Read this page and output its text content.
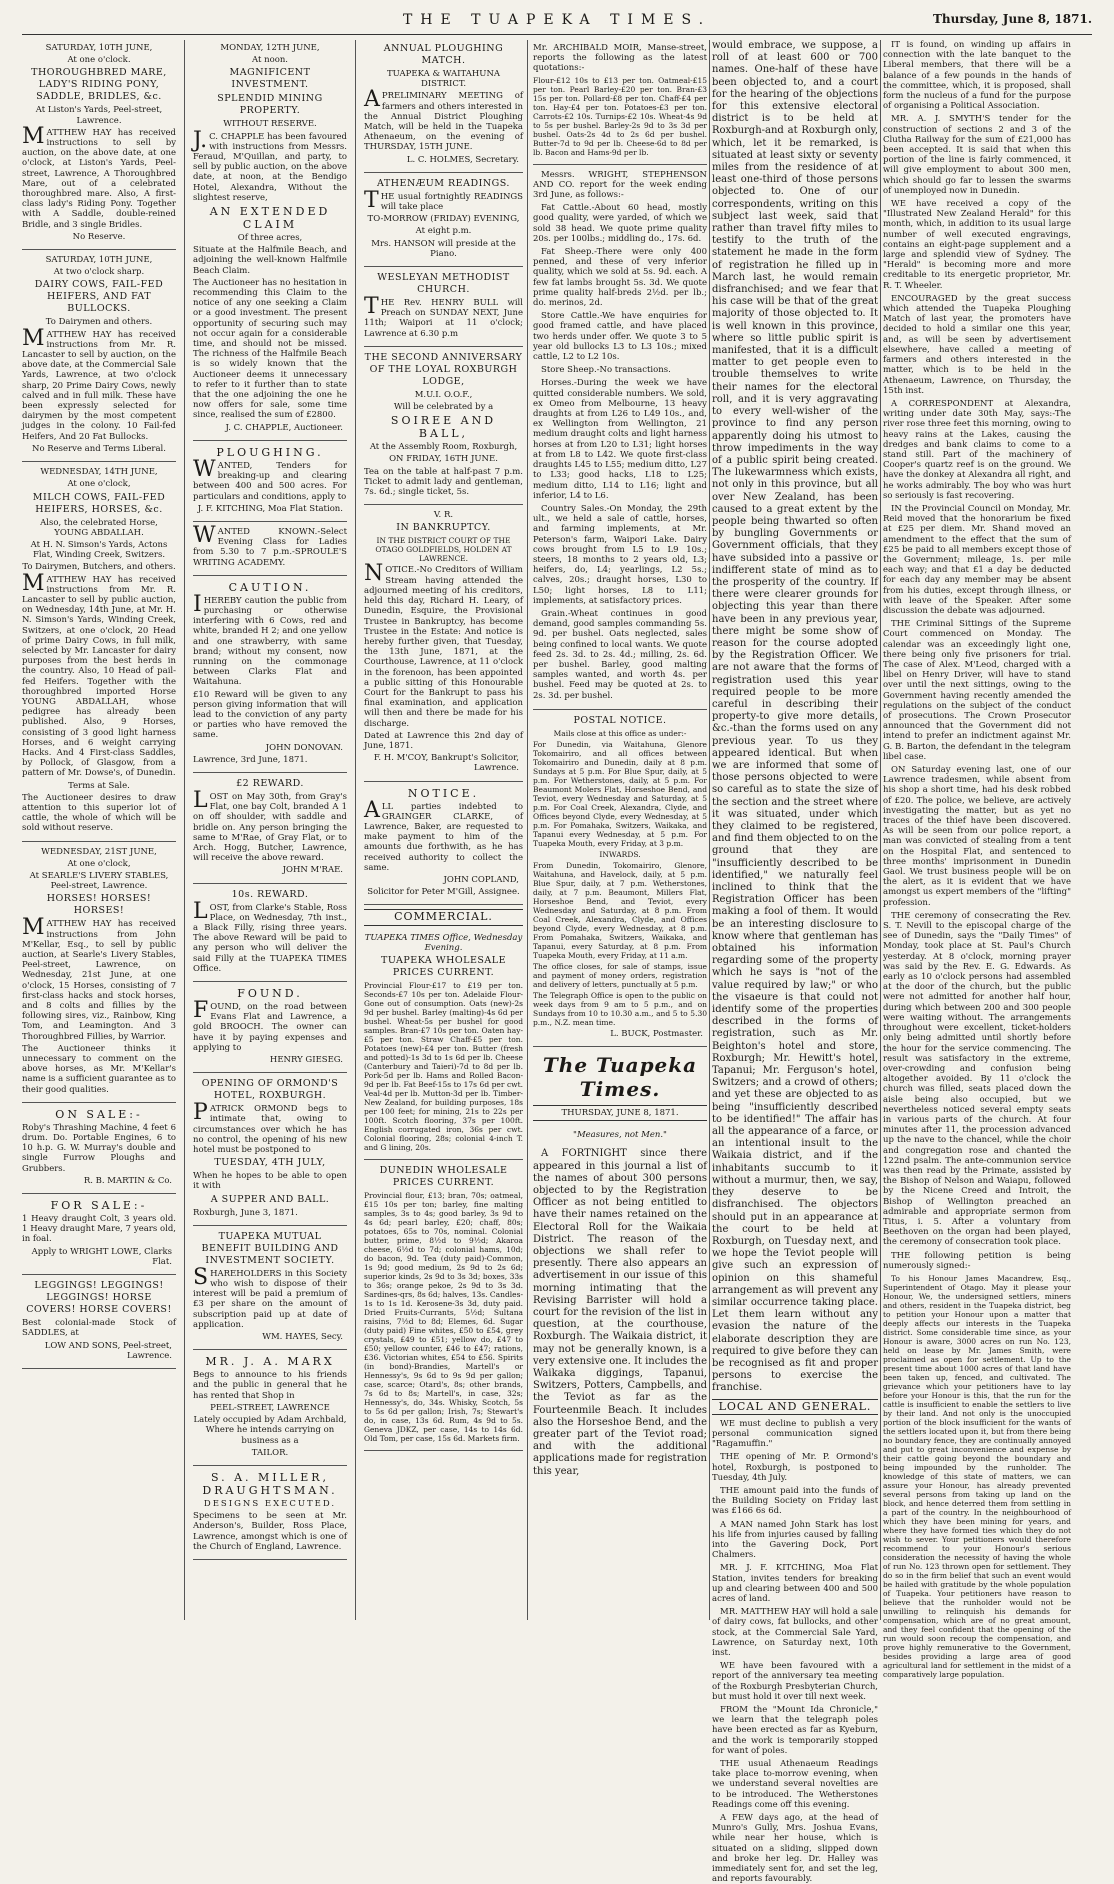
THE TUAPEKA TIMES.	Thursday, June 8, 1871.

SATURDAY, 10TH JUNE,

At one o'clock.

THOROUGHBRED MARE, LADY'S RIDING PONY, SADDLE, BRIDLES, &c.

At Liston's Yards, Peel-street, Lawrence.

MATTHEW HAY has received instructions to sell by auction, on the above date, at one o'clock, at Liston's Yards, Peel-street, Lawrence, A Thoroughbred Mare, out of a celebrated thoroughbred mare. Also, A first-class lady's Riding Pony. Together with A Saddle, double-reined Bridle, and 3 single Bridles.

No Reserve.

SATURDAY, 10TH JUNE,

At two o'clock sharp.

DAIRY COWS, FAIL-FED HEIFERS, AND FAT BULLOCKS.

To Dairymen and others.

MATTHEW HAY has received instructions from Mr. R. Lancaster to sell by auction, on the above date, at the Commercial Sale Yards, Lawrence, at two o'clock sharp, 20 Prime Dairy Cows, newly calved and in full milk. These have been expressly selected for dairymen by the most competent judges in the colony. 10 Fail-fed Heifers, And 20 Fat Bullocks.

No Reserve and Terms Liberal.

WEDNESDAY, 14TH JUNE,

At one o'clock,

MILCH COWS, FAIL-FED HEIFERS, HORSES, &c.

Also, the celebrated Horse, YOUNG ABDALLAH.

At H. N. Simson's Yards, Actons Flat, Winding Creek, Switzers.

To Dairymen, Butchers, and others.

MATTHEW HAY has received instructions from Mr. R. Lancaster to sell by public auction, on Wednesday, 14th June, at Mr. H. N. Simson's Yards, Winding Creek, Switzers, at one o'clock, 20 Head of prime Dairy Cows, in full milk, selected by Mr. Lancaster for dairy purposes from the best herds in the country. Also, 10 Head of pail-fed Heifers. Together with the thoroughbred imported Horse YOUNG ABDALLAH, whose pedigree has already been published. Also, 9 Horses, consisting of 3 good light harness Horses, and 6 weight carrying Hacks. And 4 First-class Saddles, by Pollock, of Glasgow, from a pattern of Mr. Dowse's, of Dunedin.

Terms at Sale.

The Auctioneer desires to draw attention to this superior lot of cattle, the whole of which will be sold without reserve.

WEDNESDAY, 21ST JUNE,

At one o'clock,

At SEARLE'S LIVERY STABLES, Peel-street, Lawrence.

HORSES! HORSES! HORSES!

MATTHEW HAY has received instructions from John M'Kellar, Esq., to sell by public auction, at Searle's Livery Stables, Peel-street, Lawrence, on Wednesday, 21st June, at one o'clock, 15 Horses, consisting of 7 first-class hacks and stock horses, and 8 colts and fillies by the following sires, viz., Rainbow, King Tom, and Leamington. And 3 Thoroughbred Fillies, by Warrior.

The Auctioneer thinks it unnecessary to comment on the above horses, as Mr. M'Kellar's name is a sufficient guarantee as to their good qualities.

ON SALE:-

Roby's Thrashing Machine, 4 feet 6 drum. Do. Portable Engines, 6 to 10 h.p. G. W. Murray's double and single Furrow Ploughs and Grubbers.

R. B. MARTIN & Co.

FOR SALE:-

1 Heavy draught Colt, 3 years old. 1 Heavy draught Mare, 7 years old, in foal.

Apply to WRIGHT LOWE, Clarks Flat.

LEGGINGS! LEGGINGS! LEGGINGS! HORSE COVERS! HORSE COVERS!

Best colonial-made Stock of SADDLES, at

LOW AND SONS, Peel-street, Lawrence.

MONDAY, 12TH JUNE,

At noon.

MAGNIFICENT INVESTMENT.

SPLENDID MINING PROPERTY.

WITHOUT RESERVE.

J.C. CHAPPLE has been favoured with instructions from Messrs. Feraud, M'Quillan, and party, to sell by public auction, on the above date, at noon, at the Bendigo Hotel, Alexandra, Without the slightest reserve,

AN EXTENDED CLAIM

Of three acres,

Situate at the Halfmile Beach, and adjoining the well-known Halfmile Beach Claim.

The Auctioneer has no hesitation in recommending this Claim to the notice of any one seeking a Claim or a good investment. The present opportunity of securing such may not occur again for a considerable time, and should not be missed. The richness of the Halfmile Beach is so widely known that the Auctioneer deems it unnecessary to refer to it further than to state that the one adjoining the one he now offers for sale, some time since, realised the sum of £2800.

J. C. CHAPPLE, Auctioneer.

PLOUGHING.

WANTED, Tenders for breaking-up and clearing between 400 and 500 acres. For particulars and conditions, apply to

J. F. KITCHING, Moa Flat Station.

WANTED KNOWN.-Select Evening Class for Ladies from 5.30 to 7 p.m.-SPROULE'S WRITING ACADEMY.

CAUTION.

IHEREBY caution the public from purchasing or otherwise interfering with 6 Cows, red and white, branded H 2; and one yellow and one strawberry, with same brand; without my consent, now running on the commonage between Clarks Flat and Waitahuna.

£10 Reward will be given to any person giving information that will lead to the conviction of any party or parties who have removed the same.

JOHN DONOVAN.

Lawrence, 3rd June, 1871.

£2 REWARD.

LOST on May 30th, from Gray's Flat, one bay Colt, branded A 1 on off shoulder, with saddle and bridle on. Any person bringing the same to M'Rae, of Gray Flat, or to Arch. Hogg, Butcher, Lawrence, will receive the above reward.

JOHN M'RAE.

10s. REWARD.

LOST, from Clarke's Stable, Ross Place, on Wednesday, 7th inst., a Black Filly, rising three years. The above Reward will be paid to any person who will deliver the said Filly at the TUAPEKA TIMES Office.

FOUND.

FOUND, on the road between Evans Flat and Lawrence, a gold BROOCH. The owner can have it by paying expenses and applying to

HENRY GIESEG.

OPENING OF ORMOND'S HOTEL, ROXBURGH.

PATRICK ORMOND begs to intimate that, owing to circumstances over which he has no control, the opening of his new hotel must be postponed to

TUESDAY, 4TH JULY,

When he hopes to be able to open it with

A SUPPER AND BALL.

Roxburgh, June 3, 1871.

TUAPEKA MUTUAL BENEFIT BUILDING AND INVESTMENT SOCIETY.

SHAREHOLDERS in this Society who wish to dispose of their interest will be paid a premium of £3 per share on the amount of subscription paid up at date of application.

WM. HAYES, Secy.

MR. J. A. MARX

Begs to announce to his friends and the public in general that he has rented that Shop in

PEEL-STREET, LAWRENCE

Lately occupied by Adam Archbald, Where he intends carrying on business as a

TAILOR.

S. A. MILLER, DRAUGHTSMAN.

DESIGNS EXECUTED.

Specimens to be seen at Mr. Anderson's, Builder, Ross Place, Lawrence, amongst which is one of the Church of England, Lawrence.

ANNUAL PLOUGHING MATCH.

TUAPEKA & WAITAHUNA DISTRICT.

APRELIMINARY MEETING of farmers and others interested in the Annual District Ploughing Match, will be held in the Tuapeka Athenaeum, on the evening of THURSDAY, 15TH JUNE.

L. C. HOLMES, Secretary.

ATHENÆUM READINGS.

THE usual fortnightly READINGS will take place

TO-MORROW (FRIDAY) EVENING,

At eight p.m.

Mrs. HANSON will preside at the Piano.

WESLEYAN METHODIST CHURCH.

THE Rev. HENRY BULL will Preach on SUNDAY NEXT, June 11th; Waipori at 11 o'clock; Lawrence at 6.30 p.m

THE SECOND ANNIVERSARY OF THE LOYAL ROXBURGH LODGE,

M.U.I. O.O.F.,

Will be celebrated by a

SOIREE AND BALL,

At the Assembly Room, Roxburgh,

ON FRIDAY, 16TH JUNE.

Tea on the table at half-past 7 p.m. Ticket to admit lady and gentleman, 7s. 6d.; single ticket, 5s.

V. R.

IN BANKRUPTCY.

IN THE DISTRICT COURT OF THE OTAGO GOLDFIELDS, HOLDEN AT LAWRENCE.

NOTICE.-No Creditors of William Stream having attended the adjourned meeting of his creditors, held this day, Richard H. Leary, of Dunedin, Esquire, the Provisional Trustee in Bankruptcy, has become Trustee in the Estate: And notice is hereby further given, that Tuesday, the 13th June, 1871, at the Courthouse, Lawrence, at 11 o'clock in the forenoon, has been appointed a public sitting of this Honourable Court for the Bankrupt to pass his final examination, and application will then and there be made for his discharge.

Dated at Lawrence this 2nd day of June, 1871.

F. H. M'COY, Bankrupt's Solicitor, Lawrence.

NOTICE.

ALL parties indebted to GRAINGER CLARKE, of Lawrence, Baker, are requested to make payment to him of the amounts due forthwith, as he has received authority to collect the same.

JOHN COPLAND,

Solicitor for Peter M'Gill, Assignee.

COMMERCIAL.

TUAPEKA TIMES Office, Wednesday Evening.

TUAPEKA WHOLESALE PRICES CURRENT.

Provincial Flour-£17 to £19 per ton. Seconds-£7 10s per ton. Adelaide Flour-Gone out of consumption. Oats (new)-2s 9d per bushel. Barley (malting)-4s 6d per bushel. Wheat-5s per bushel for good samples. Bran-£7 10s per ton. Oaten hay-£5 per ton. Straw Chaff-£5 per ton. Potatoes (new)-£4 per ton. Butter (fresh and potted)-1s 3d to 1s 6d per lb. Cheese (Canterbury and Taieri)-7d to 8d per lb. Pork-5d per lb. Hams and Rolled Bacon-9d per lb. Fat Beef-15s to 17s 6d per cwt. Veal-4d per lb. Mutton-3d per lb. Timber-New Zealand, for building purposes, 18s per 100 feet; for mining, 21s to 22s per 100ft. Scotch flooring, 37s per 100ft. English corrugated iron, 36s per cwt. Colonial flooring, 28s; colonial 4-inch T. and G lining, 20s.

DUNEDIN WHOLESALE PRICES CURRENT.

Provincial flour, £13; bran, 70s; oatmeal, £15 10s per ton; barley, fine malting samples, 3s to 4s; good barley, 3s 9d to 4s 6d; pearl barley, £20; chaff, 80s; potatoes, 65s to 70s, nominal. Colonial butter, prime, 8½d to 9½d; Akaroa cheese, 6½d to 7d; colonial hams, 10d; do bacon, 9d. Tea (duty paid)-Common, 1s 9d; good medium, 2s 9d to 2s 6d; superior kinds, 2s 9d to 3s 3d; boxes, 33s to 36s; orange pekoe, 2s 9d to 3s 3d. Sardines-qrs, 8s 6d; halves, 13s. Candles-1s to 1s 1d. Kerosene-3s 3d, duty paid. Dried Fruits-Currants, 5½d; Sultana raisins, 7½d to 8d; Elemes, 6d. Sugar (duty paid) Fine whites, £50 to £54, grey crystals, £49 to £51; yellow do, £47 to £50; yellow counter, £46 to £47; rations, £36. Victorian whites, £54 to £56. Spirits (in bond)-Brandies, Martell's or Hennessy's, 9s 6d to 9s 9d per gallon; case, scarce; Otard's, 8s; other brands, 7s 6d to 8s; Martell's, in case, 32s; Hennessy's, do, 34s. Whisky, Scotch, 5s to 5s 6d per gallon; Irish, 7s; Stewart's do, in case, 13s 6d. Rum, 4s 9d to 5s. Geneva JDKZ, per case, 14s to 14s 6d. Old Tom, per case, 15s 6d. Markets firm.

Mr. ARCHIBALD MOIR, Manse-street, reports the following as the latest quotations:-

Flour-£12 10s to £13 per ton. Oatmeal-£15 per ton. Pearl Barley-£20 per ton. Bran-£3 15s per ton. Pollard-£8 per ton. Chaff-£4 per ton. Hay-£4 per ton. Potatoes-£3 per ton. Carrots-£2 10s. Turnips-£2 10s. Wheat-4s 9d to 5s per bushel. Barley-2s 9d to 3s 3d per bushel. Oats-2s 4d to 2s 6d per bushel. Butter-7d to 9d per lb. Cheese-6d to 8d per lb. Bacon and Hams-9d per lb.

Messrs. WRIGHT, STEPHENSON AND CO. report for the week ending 3rd June, as follows:-

Fat Cattle.-About 60 head, mostly good quality, were yarded, of which we sold 38 head. We quote prime quality 20s. per 100lbs.; middling do., 17s. 6d.

Fat Sheep.-There were only 400 penned, and these of very inferior quality, which we sold at 5s. 9d. each. A few fat lambs brought 5s. 3d. We quote prime quality half-breds 2½d. per lb.; do. merinos, 2d.

Store Cattle.-We have enquiries for good framed cattle, and have placed two herds under offer. We quote 3 to 5 year old bullocks L3 to L3 10s.; mixed cattle, L2 to L2 10s.

Store Sheep.-No transactions.

Horses.-During the week we have quitted considerable numbers. We sold, ex Omeo from Melbourne, 13 heavy draughts at from L26 to L49 10s., and, ex Wellington from Wellington, 21 medium draught colts and light harness horses at from L20 to L31; light horses at from L8 to L42. We quote first-class draughts L45 to L55; medium ditto, L27 to L33; good hacks, L18 to L25; medium ditto, L14 to L16; light and inferior, L4 to L6.

Country Sales.-On Monday, the 29th ult., we held a sale of cattle, horses, and farming implements, at Mr. Peterson's farm, Waipori Lake. Dairy cows brought from L5 to L9 10s.; steers, 18 months to 2 years old, L3; heifers, do, L4; yearlings, L2 5s.; calves, 20s.; draught horses, L30 to L50; light horses, L8 to L11; implements, at satisfactory prices.

Grain.-Wheat continues in good demand, good samples commanding 5s. 9d. per bushel. Oats neglected, sales being confined to local wants. We quote feed 2s. 3d. to 2s. 4d.; milling, 2s. 6d. per bushel. Barley, good malting samples wanted, and worth 4s. per bushel. Feed may be quoted at 2s. to 2s. 3d. per bushel.

POSTAL NOTICE.

Mails close at this office as under:-

For Dunedin, via Waitahuna, Glenore Tokomairiro, and all offices between Tokomairiro and Dunedin, daily at 8 p.m. Sundays at 5 p.m. For Blue Spur, daily, at 5 p.m. For Wetherstones, daily, at 5 p.m. For Beaumont Molers Flat, Horseshoe Bend, and Teviot, every Wednesday and Saturday, at 5 p.m. For Coal Creek, Alexandra, Clyde, and Offices beyond Clyde, every Wednesday, at 5 p.m. For Pomahaka, Switzers, Waikaka, and Tapanui every Wednesday, at 5 p.m. For Tuapeka Mouth, every Friday, at 3 p.m.

INWARDS.

From Dunedin, Tokomairiro, Glenore, Waitahuna, and Havelock, daily, at 5 p.m. Blue Spur, daily, at 7 p.m. Wetherstones, daily, at 7 p.m. Beaumont, Millers Flat, Horseshoe Bend, and Teviot, every Wednesday and Saturday, at 8 p.m. From Coal Creek, Alexandra, Clyde, and Offices beyond Clyde, every Wednesday, at 8 p.m. From Pomahaka, Switzers, Waikaka, and Tapanui, every Saturday, at 8 p.m. From Tuapeka Mouth, every Friday, at 11 a.m.

The office closes, for sale of stamps, issue and payment of money orders, registration and delivery of letters, punctually at 5 p.m.

The Telegraph Office is open to the public on week days from 9 am to 5 p.m., and on Sundays from 10 to 10.30 a.m., and 5 to 5.30 p.m., N.Z. mean time.

L. BUCK, Postmaster.

The Tuapeka Times.

THURSDAY, JUNE 8, 1871.

"Measures, not Men."

A FORTNIGHT since there appeared in this journal a list of the names of about 300 persons objected to by the Registration Officer as not being entitled to have their names retained on the Electoral Roll for the Waikaia District. The reason of the objections we shall refer to presently. There also appears an advertisement in our issue of this morning intimating that the Revising Barrister will hold a court for the revision of the list in question, at the courthouse, Roxburgh. The Waikaia district, it may not be generally known, is a very extensive one. It includes the Waikaka diggings, Tapanui, Switzers, Potters, Campbells, and the Teviot as far as the Fourteenmile Beach. It includes also the Horseshoe Bend, and the greater part of the Teviot road; and with the additional applications made for registration this year,

would embrace, we suppose, a roll of at least 600 or 700 names. One-half of these have been objected to, and a court for the hearing of the objections for this extensive electoral district is to be held at Roxburgh-and at Roxburgh only, which, let it be remarked, is situated at least sixty or seventy miles from the residence of at least one-third of those persons objected to. One of our correspondents, writing on this subject last week, said that rather than travel fifty miles to testify to the truth of the statement he made in the form of registration he filled up in March last, he would remain disfranchised; and we fear that his case will be that of the great majority of those objected to. It is well known in this province, where so little public spirit is manifested, that it is a difficult matter to get people even to trouble themselves to write their names for the electoral roll, and it is very aggravating to every well-wisher of the province to find any person apparently doing his utmost to throw impediments in the way of a public spirit being created. The lukewarmness which exists, not only in this province, but all over New Zealand, has been caused to a great extent by the people being thwarted so often by bungling Governments or Government officials, that they have subsided into a passive or indifferent state of mind as to the prosperity of the country. If there were clearer grounds for objecting this year than there have been in any previous year, there might be some show of reason for the course adopted by the Registration Officer. We are not aware that the forms of registration used this year required people to be more careful in describing their property-to give more details, &c.-than the forms used on any previous year. To us they appeared identical. But when we are informed that some of those persons objected to were so careful as to state the size of the section and the street where it was situated, under which they claimed to be registered, and find them objected to on the ground that they are "insufficiently described to be identified," we naturally feel inclined to think that the Registration Officer has been making a fool of them. It would be an interesting disclosure to know where that gentleman has obtained his information regarding some of the property which he says is "not of the value required by law;" or who the visaeure is that could not identify some of the properties described in the forms of registration, such as Mr. Beighton's hotel and store, Roxburgh; Mr. Hewitt's hotel, Tapanui; Mr. Ferguson's hotel, Switzers; and a crowd of others; and yet these are objected to as being "insufficiently described to be identified!" The affair has all the appearance of a farce, or an intentional insult to the Waikaia district, and if the inhabitants succumb to it without a murmur, then, we say, they deserve to be disfranchised. The objectors should put in an appearance at the court to be held at Roxburgh, on Tuesday next, and we hope the Teviot people will give such an expression of opinion on this shameful arrangement as will prevent any similar occurrence taking place. Let them learn without any evasion the nature of the elaborate description they are required to give before they can be recognised as fit and proper persons to exercise the franchise.

LOCAL AND GENERAL.

WE must decline to publish a very personal communication signed "Ragamuffin."

THE opening of Mr. P. Ormond's hotel, Roxburgh, is postponed to Tuesday, 4th July.

THE amount paid into the funds of the Building Society on Friday last was £166 6s 6d.

A MAN named John Stark has lost his life from injuries caused by falling into the Gavering Dock, Port Chalmers.

MR. J. F. KITCHING, Moa Flat Station, invites tenders for breaking up and clearing between 400 and 500 acres of land.

MR. MATTHEW HAY will hold a sale of dairy cows, fat bullocks, and other stock, at the Commercial Sale Yard, Lawrence, on Saturday next, 10th inst.

WE have been favoured with a report of the anniversary tea meeting of the Roxburgh Presbyterian Church, but must hold it over till next week.

FROM the "Mount Ida Chronicle," we learn that the telegraph poles have been erected as far as Kyeburn, and the work is temporarily stopped for want of poles.

THE usual Athenaeum Readings take place to-morrow evening, when we understand several novelties are to be introduced. The Wetherstones Readings come off this evening.

A FEW days ago, at the head of Munro's Gully, Mrs. Joshua Evans, while near her house, which is situated on a sliding, slipped down and broke her leg. Dr. Halley was immediately sent for, and set the leg, and reports favourably.

IT is found, on winding up affairs in connection with the late banquet to the Liberal members, that there will be a balance of a few pounds in the hands of the committee, which, it is proposed, shall form the nucleus of a fund for the purpose of organising a Political Association.

MR. A. J. SMYTH'S tender for the construction of sections 2 and 3 of the Clutha Railway for the sum of £21,000 has been accepted. It is said that when this portion of the line is fairly commenced, it will give employment to about 300 men, which should go far to lessen the swarms of unemployed now in Dunedin.

WE have received a copy of the "Illustrated New Zealand Herald" for this month, which, in addition to its usual large number of well executed engravings, contains an eight-page supplement and a large and splendid view of Sydney. The "Herald" is becoming more and more creditable to its energetic proprietor, Mr. R. T. Wheeler.

ENCOURAGED by the great success which attended the Tuapeka Ploughing Match of last year, the promoters have decided to hold a similar one this year, and, as will be seen by advertisement elsewhere, have called a meeting of farmers and others interested in the matter, which is to be held in the Athenaeum, Lawrence, on Thursday, the 15th inst.

A CORRESPONDENT at Alexandra, writing under date 30th May, says:-The river rose three feet this morning, owing to heavy rains at the Lakes, causing the dredges and bank claims to come to a stand still. Part of the machinery of Cooper's quartz reef is on the ground. We have the donkey at Alexandra all right, and he works admirably. The boy who was hurt so seriously is fast recovering.

IN the Provincial Council on Monday, Mr. Reid moved that the honorarium be fixed at £25 per diem. Mr. Shand moved an amendment to the effect that the sum of £25 be paid to all members except those of the Government; mileage, 1s. per mile each way; and that £1 a day be deducted for each day any member may be absent from his duties, except through illness, or with leave of the Speaker. After some discussion the debate was adjourned.

THE Criminal Sittings of the Supreme Court commenced on Monday. The calendar was an exceedingly light one, there being only five prisoners for trial. The case of Alex. M'Leod, charged with a libel on Henry Driver, will have to stand over until the next sittings, owing to the Government having recently amended the regulations on the subject of the conduct of prosecutions. The Crown Prosecutor announced that the Government did not intend to prefer an indictment against Mr. G. B. Barton, the defendant in the telegram libel case.

ON Saturday evening last, one of our Lawrence tradesmen, while absent from his shop a short time, had his desk robbed of £20. The police, we believe, are actively investigating the matter, but as yet no traces of the thief have been discovered. As will be seen from our police report, a man was convicted of stealing from a tent on the Hospital Flat, and sentenced to three months' imprisonment in Dunedin Gaol. We trust business people will be on the alert, as it is evident that we have amongst us expert members of the "lifting" profession.

THE ceremony of consecrating the Rev. S. T. Nevill to the episcopal charge of the see of Dunedin, says the "Daily Times" of Monday, took place at St. Paul's Church yesterday. At 8 o'clock, morning prayer was said by the Rev. E. G. Edwards. As early as 10 o'clock persons had assembled at the door of the church, but the public were not admitted for another half hour, during which between 200 and 300 people were waiting without. The arrangements throughout were excellent, ticket-holders only being admitted until shortly before the hour for the service commencing. The result was satisfactory in the extreme, over-crowding and confusion being altogether avoided. By 11 o'clock the church was filled, seats placed down the aisle being also occupied, but we nevertheless noticed several empty seats in various parts of the church. At four minutes after 11, the procession advanced up the nave to the chancel, while the choir and congregation rose and chanted the 122nd psalm. The ante-communion service was then read by the Primate, assisted by the Bishop of Nelson and Waiapu, followed by the Nicene Creed and Introit, the Bishop of Wellington preached an admirable and appropriate sermon from Titus, i. 5. After a voluntary from Beethoven on the organ had been played, the ceremony of consecration took place.

THE following petition is being numerously signed:-

To his Honour James Macandrew, Esq., Superintendent of Otago. May it please your Honour, We, the undersigned settlers, miners and others, resident in the Tuapeka district, beg to petition your Honour upon a matter that deeply affects our interests in the Tuapeka district. Some considerable time since, as your Honour is aware, 3000 acres on run No. 123, held on lease by Mr. James Smith, were proclaimed as open for settlement. Up to the present time about 1000 acres of that land have been taken up, fenced, and cultivated. The grievance which your petitioners have to lay before your Honour is this, that the run for the cattle is insufficient to enable the settlers to live by their land. And not only is the unoccupied portion of the block insufficient for the wants of the settlers located upon it, but from there being no boundary fence, they are continually annoyed and put to great inconvenience and expense by their cattle going beyond the boundary and being impounded by the runholder. The knowledge of this state of matters, we can assure your Honour, has already prevented several persons from taking up land on the block, and hence deterred them from settling in a part of the country. In the neighbourhood of which they have been mining for years, and where they have formed ties which they do not wish to sever. Your petitioners would therefore recommend to your Honour's serious consideration the necessity of having the whole of run No. 123 thrown open for settlement. They do so in the firm belief that such an event would be hailed with gratitude by the whole population of Tuapeka. Your petitioners have reason to believe that the runholder would not be unwilling to relinquish his demands for compensation, which are of no great amount, and they feel confident that the opening of the run would soon recoup the compensation, and prove highly remunerative to the Government, besides providing a large area of good agricultural land for settlement in the midst of a comparatively large population.
